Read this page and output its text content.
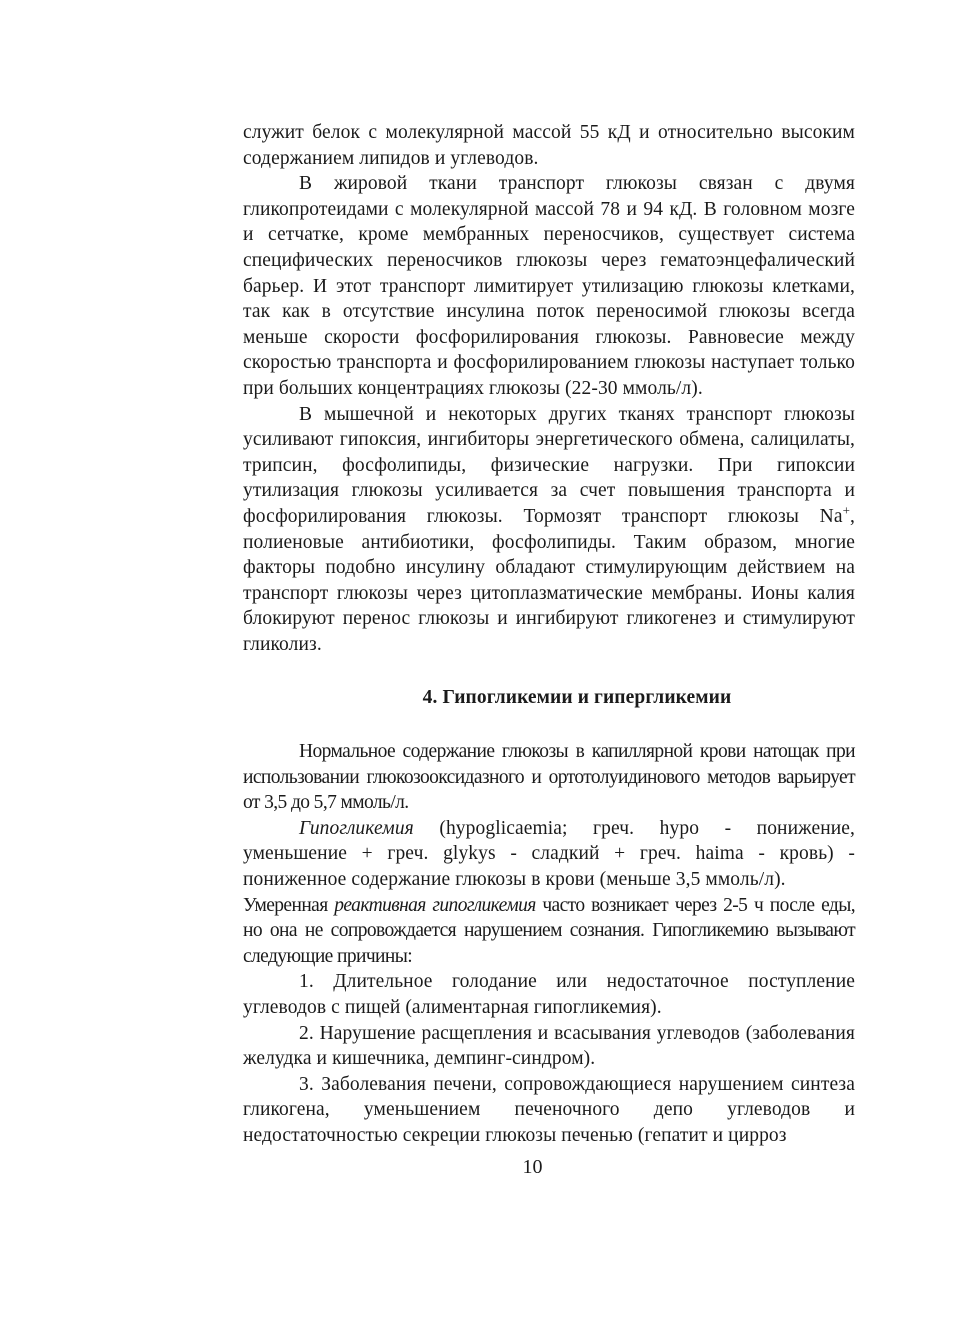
служит белок с молекулярной массой 55 кД и относительно высоким содержанием липидов и углеводов.

В жировой ткани транспорт глюкозы связан с двумя гликопротеидами с молекулярной массой 78 и 94 кД. В головном мозге и сетчатке, кроме мембранных переносчиков, существует система специфических переносчиков глюкозы через гематоэнцефалический барьер. И этот транспорт лимитирует утилизацию глюкозы клетками, так как в отсутствие инсулина поток переносимой глюкозы всегда меньше скорости фосфорилирования глюкозы. Равновесие между скоростью транспорта и фосфорилированием глюкозы наступает только при больших концентрациях глюкозы (22-30 ммоль/л).

В мышечной и некоторых других тканях транспорт глюкозы усиливают гипоксия, ингибиторы энергетического обмена, салицилаты, трипсин, фосфолипиды, физические нагрузки. При гипоксии утилизация глюкозы усиливается за счет повышения транспорта и фосфорилирования глюкозы. Тормозят транспорт глюкозы Na+, полиеновые антибиотики, фосфолипиды. Таким образом, многие факторы подобно инсулину обладают стимулирующим действием на транспорт глюкозы через цитоплазматические мембраны. Ионы калия блокируют перенос глюкозы и ингибируют гликогенез и стимулируют гликолиз.

4. Гипогликемии и гипергликемии

Нормальное содержание глюкозы в капиллярной крови натощак при использовании глюкозооксидазного и ортотолуидинового методов варьирует от 3,5 до 5,7 ммоль/л.

Гипогликемия (hypoglicaemia; греч. hypo - понижение, уменьшение + греч. glykys - сладкий + греч. haima - кровь) - пониженное содержание глюкозы в крови (меньше 3,5 ммоль/л).

Умеренная реактивная гипогликемия часто возникает через 2-5 ч после еды, но она не сопровождается нарушением сознания. Гипогликемию вызывают следующие причины:

1. Длительное голодание или недостаточное поступление углеводов с пищей (алиментарная гипогликемия).

2. Нарушение расщепления и всасывания углеводов (заболевания желудка и кишечника, демпинг-синдром).

3. Заболевания печени, сопровождающиеся нарушением синтеза гликогена, уменьшением печеночного депо углеводов и недостаточностью секреции глюкозы печенью (гепатит и цирроз

10
